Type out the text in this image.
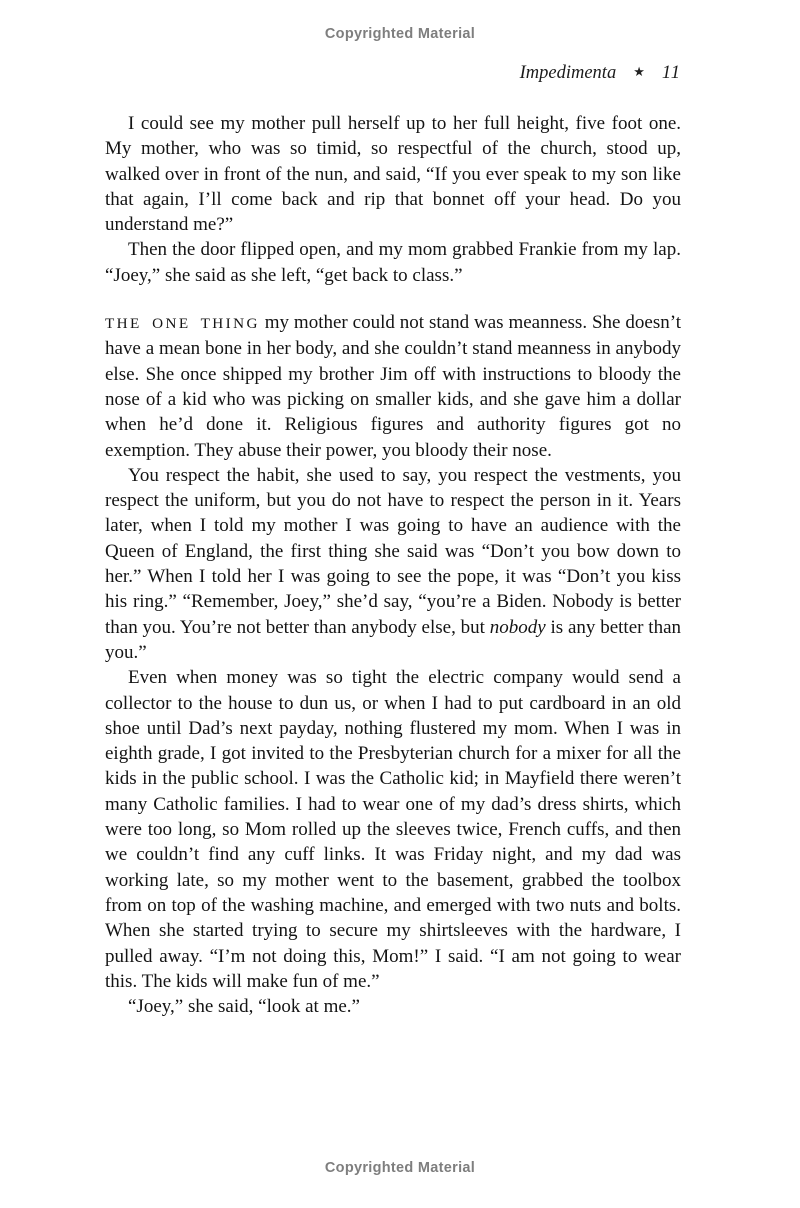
Copyrighted Material
Impedimenta ★ 11

I could see my mother pull herself up to her full height, five foot one. My mother, who was so timid, so respectful of the church, stood up, walked over in front of the nun, and said, “If you ever speak to my son like that again, I’ll come back and rip that bonnet off your head. Do you understand me?”

Then the door flipped open, and my mom grabbed Frankie from my lap. “Joey,” she said as she left, “get back to class.”

THE ONE THING my mother could not stand was meanness. She doesn’t have a mean bone in her body, and she couldn’t stand meanness in anybody else. She once shipped my brother Jim off with instructions to bloody the nose of a kid who was picking on smaller kids, and she gave him a dollar when he’d done it. Religious figures and authority figures got no exemption. They abuse their power, you bloody their nose.

You respect the habit, she used to say, you respect the vestments, you respect the uniform, but you do not have to respect the person in it. Years later, when I told my mother I was going to have an audience with the Queen of England, the first thing she said was “Don’t you bow down to her.” When I told her I was going to see the pope, it was “Don’t you kiss his ring.” “Remember, Joey,” she’d say, “you’re a Biden. Nobody is better than you. You’re not better than anybody else, but nobody is any better than you.”

Even when money was so tight the electric company would send a collector to the house to dun us, or when I had to put cardboard in an old shoe until Dad’s next payday, nothing flustered my mom. When I was in eighth grade, I got invited to the Presbyterian church for a mixer for all the kids in the public school. I was the Catholic kid; in Mayfield there weren’t many Catholic families. I had to wear one of my dad’s dress shirts, which were too long, so Mom rolled up the sleeves twice, French cuffs, and then we couldn’t find any cuff links. It was Friday night, and my dad was working late, so my mother went to the basement, grabbed the toolbox from on top of the washing machine, and emerged with two nuts and bolts. When she started trying to secure my shirtsleeves with the hardware, I pulled away. “I’m not doing this, Mom!” I said. “I am not going to wear this. The kids will make fun of me.”

“Joey,” she said, “look at me.”

Copyrighted Material
